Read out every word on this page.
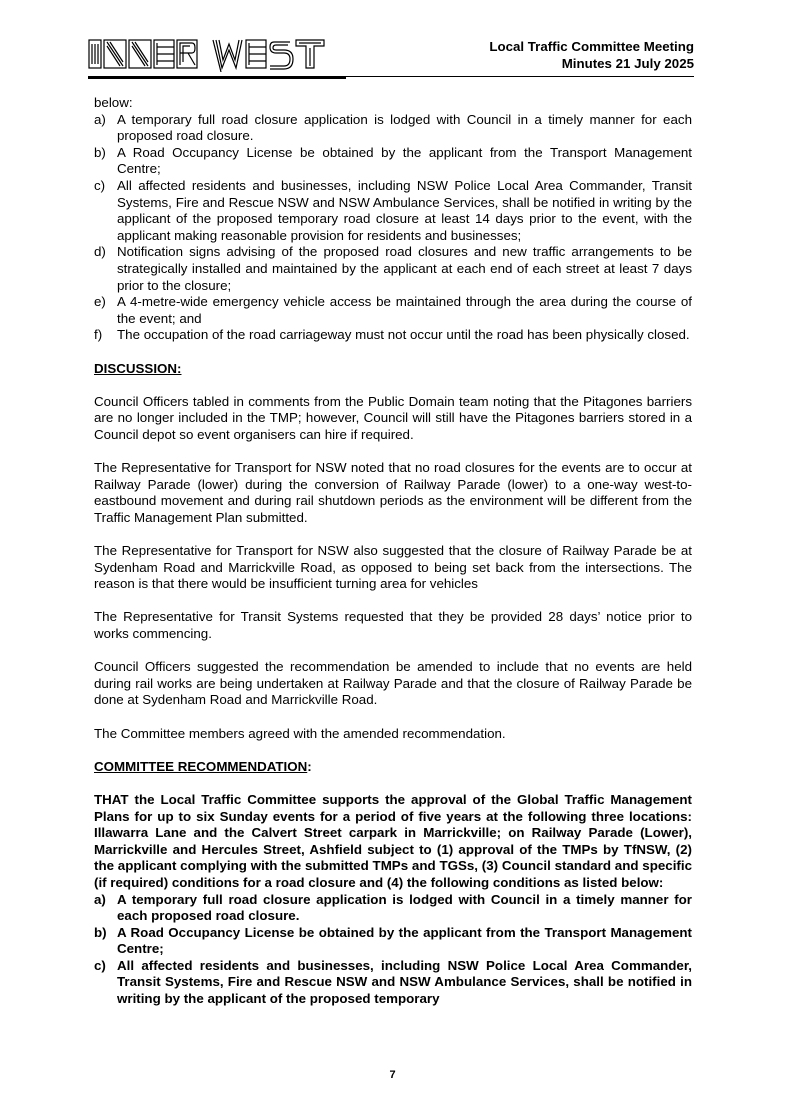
Local Traffic Committee Meeting
Minutes 21 July 2025

below:

a) A temporary full road closure application is lodged with Council in a timely manner for each proposed road closure.
b) A Road Occupancy License be obtained by the applicant from the Transport Management Centre;
c) All affected residents and businesses, including NSW Police Local Area Commander, Transit Systems, Fire and Rescue NSW and NSW Ambulance Services, shall be notified in writing by the applicant of the proposed temporary road closure at least 14 days prior to the event, with the applicant making reasonable provision for residents and businesses;
d) Notification signs advising of the proposed road closures and new traffic arrangements to be strategically installed and maintained by the applicant at each end of each street at least 7 days prior to the closure;
e) A 4-metre-wide emergency vehicle access be maintained through the area during the course of the event; and
f) The occupation of the road carriageway must not occur until the road has been physically closed.

DISCUSSION:

Council Officers tabled in comments from the Public Domain team noting that the Pitagones barriers are no longer included in the TMP; however, Council will still have the Pitagones barriers stored in a Council depot so event organisers can hire if required.

The Representative for Transport for NSW noted that no road closures for the events are to occur at Railway Parade (lower) during the conversion of Railway Parade (lower) to a one-way west-to-eastbound movement and during rail shutdown periods as the environment will be different from the Traffic Management Plan submitted.

The Representative for Transport for NSW also suggested that the closure of Railway Parade be at Sydenham Road and Marrickville Road, as opposed to being set back from the intersections. The reason is that there would be insufficient turning area for vehicles

The Representative for Transit Systems requested that they be provided 28 days’ notice prior to works commencing.

Council Officers suggested the recommendation be amended to include that no events are held during rail works are being undertaken at Railway Parade and that the closure of Railway Parade be done at Sydenham Road and Marrickville Road.

The Committee members agreed with the amended recommendation.

COMMITTEE RECOMMENDATION:

THAT the Local Traffic Committee supports the approval of the Global Traffic Management Plans for up to six Sunday events for a period of five years at the following three locations: Illawarra Lane and the Calvert Street carpark in Marrickville; on Railway Parade (Lower), Marrickville and Hercules Street, Ashfield subject to (1) approval of the TMPs by TfNSW, (2) the applicant complying with the submitted TMPs and TGSs, (3) Council standard and specific (if required) conditions for a road closure and (4) the following conditions as listed below:

a) A temporary full road closure application is lodged with Council in a timely manner for each proposed road closure.
b) A Road Occupancy License be obtained by the applicant from the Transport Management Centre;
c) All affected residents and businesses, including NSW Police Local Area Commander, Transit Systems, Fire and Rescue NSW and NSW Ambulance Services, shall be notified in writing by the applicant of the proposed temporary
7
